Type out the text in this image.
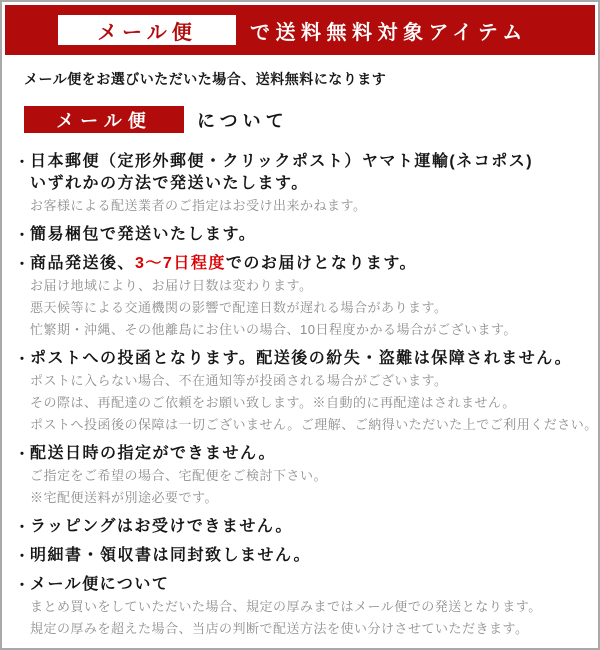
メール便	で送料無料対象アイテム

メール便をお選びいただいた場合、送料無料になります

メール便	について
・ 日本郵便（定形外郵便・クリックポスト）ヤマト運輸(ネコポス)
いずれかの方法で発送いたします。
お客様による配送業者のご指定はお受け出来かねます。
・ 簡易梱包で発送いたします。
・ 商品発送後、3〜7日程度でのお届けとなります。
お届け地域により、お届け日数は変わります。
悪天候等による交通機関の影響で配達日数が遅れる場合があります。
忙繁期・沖縄、その他離島にお住いの場合、10日程度かかる場合がございます。
・ ポストへの投函となります。配送後の紛失・盗難は保障されません。
ポストに入らない場合、不在通知等が投函される場合がございます。
その際は、再配達のご依頼をお願い致します。※自動的に再配達はされません。
ポストへ投函後の保障は一切ございません。ご理解、ご納得いただいた上でご利用ください。
・ 配送日時の指定ができません。
ご指定をご希望の場合、宅配便をご検討下さい。
※宅配便送料が別途必要です。
・ ラッピングはお受けできません。
・ 明細書・領収書は同封致しません。
・ メール便について
まとめ買いをしていただいた場合、規定の厚みまではメール便での発送となります。
規定の厚みを超えた場合、当店の判断で配送方法を使い分けさせていただきます。
